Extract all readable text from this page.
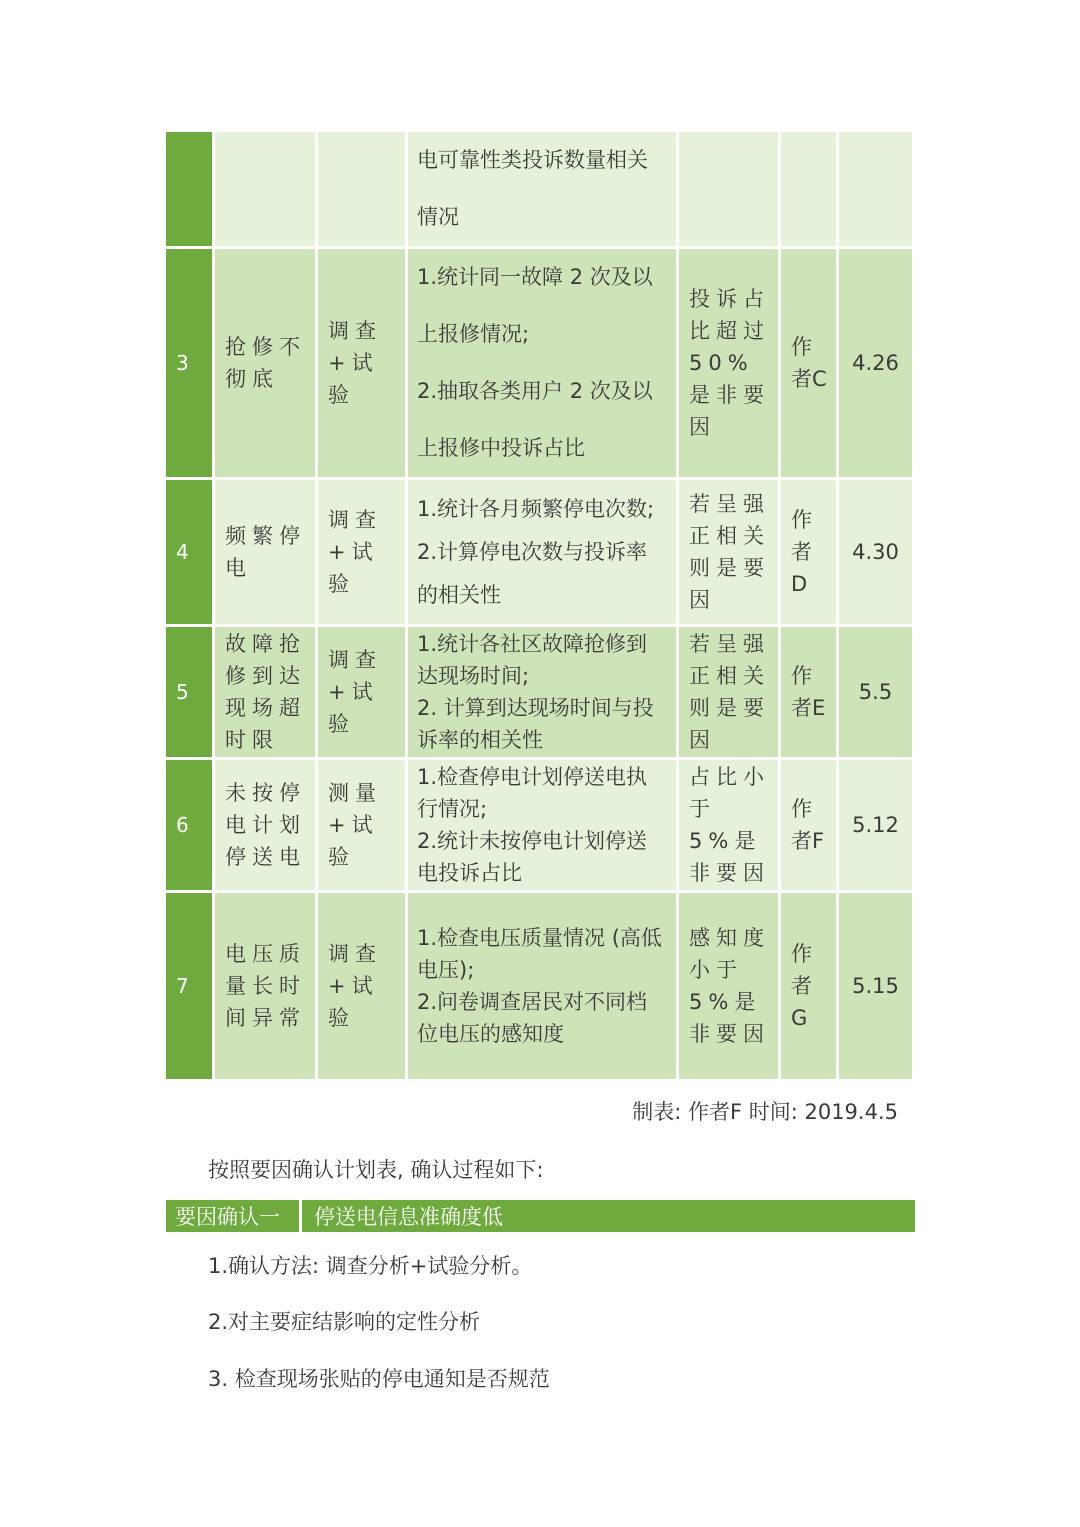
			电可靠性类投诉数量相关
情况			

3	抢修不彻底	调查+试验	1.统计同一故障 2 次及以
上报修情况;
2.抽取各类用户 2 次及以
上报修中投诉占比	投诉占比超过50%是非要因	作者C	4.26
4	频繁停电	调查+试验	1.统计各月频繁停电次数;
2.计算停电次数与投诉率
的相关性	若呈强正相关则是要因	作者D	4.30
5	故障抢修到达现场超时限	调查+试验	1.统计各社区故障抢修到
达现场时间;
2. 计算到达现场时间与投
诉率的相关性	若呈强正相关则是要因	作者E	5.5
6	未按停电计划停送电	测量+试验	1.检查停电计划停送电执
行情况;
2.统计未按停电计划停送
电投诉占比	占比小于 5%是非要因	作者F	5.12
7	电压质量长时间异常	调查+试验	1.检查电压质量情况 (高低
电压);
2.问卷调查居民对不同档
位电压的感知度	感知度小于 5%是非要因	作者G	5.15
制表: 作者F 时间: 2019.4.5
按照要因确认计划表, 确认过程如下:
要因确认一	停送电信息准确度低
1.确认方法: 调查分析+试验分析。
2.对主要症结影响的定性分析
3. 检查现场张贴的停电通知是否规范
